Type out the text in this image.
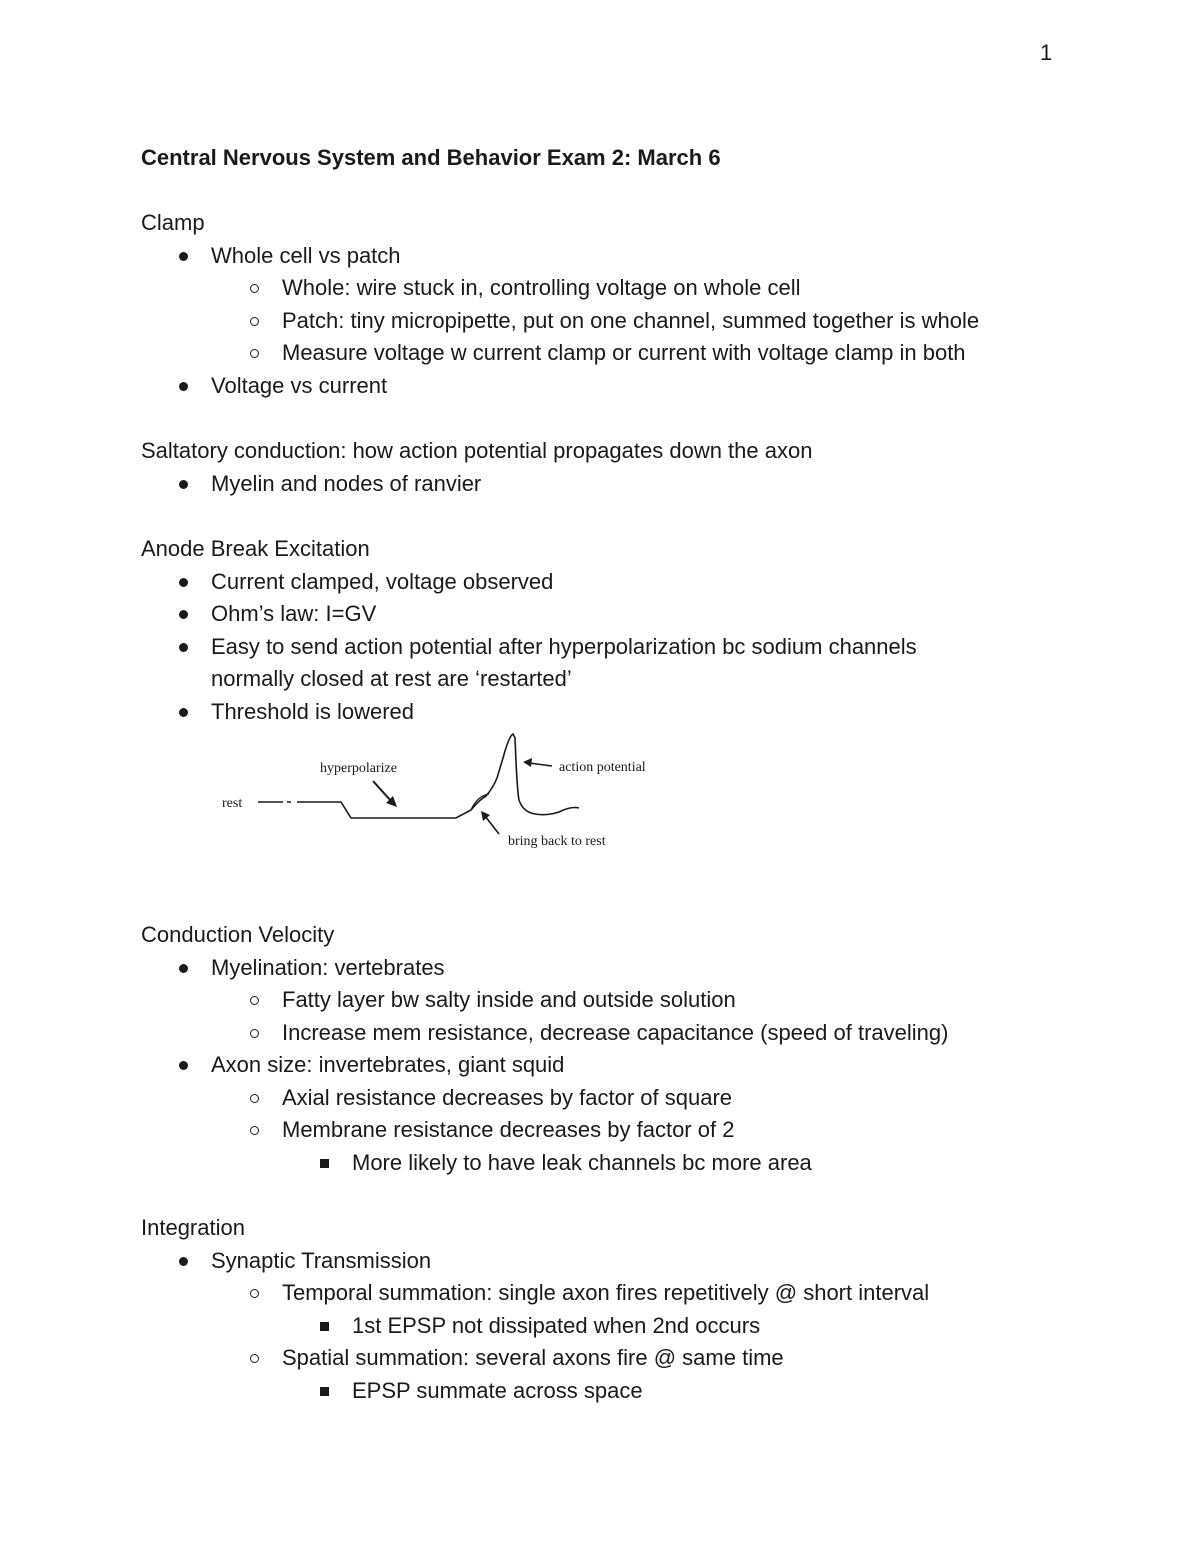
1
Central Nervous System and Behavior Exam 2: March 6
Clamp
Whole cell vs patch
Whole: wire stuck in, controlling voltage on whole cell
Patch: tiny micropipette, put on one channel, summed together is whole
Measure voltage w current clamp or current with voltage clamp in both
Voltage vs current
Saltatory conduction: how action potential propagates down the axon
Myelin and nodes of ranvier
Anode Break Excitation
Current clamped, voltage observed
Ohm’s law: I=GV
Easy to send action potential after hyperpolarization bc sodium channels normally closed at rest are ‘restarted’
Threshold is lowered
rest
hyperpolarize	action potential
bring back to rest
Conduction Velocity
Myelination: vertebrates
Fatty layer bw salty inside and outside solution
Increase mem resistance, decrease capacitance (speed of traveling)
Axon size: invertebrates, giant squid
Axial resistance decreases by factor of square
Membrane resistance decreases by factor of 2
More likely to have leak channels bc more area
Integration
Synaptic Transmission
Temporal summation: single axon fires repetitively @ short interval
1st EPSP not dissipated when 2nd occurs
Spatial summation: several axons fire @ same time
EPSP summate across space
